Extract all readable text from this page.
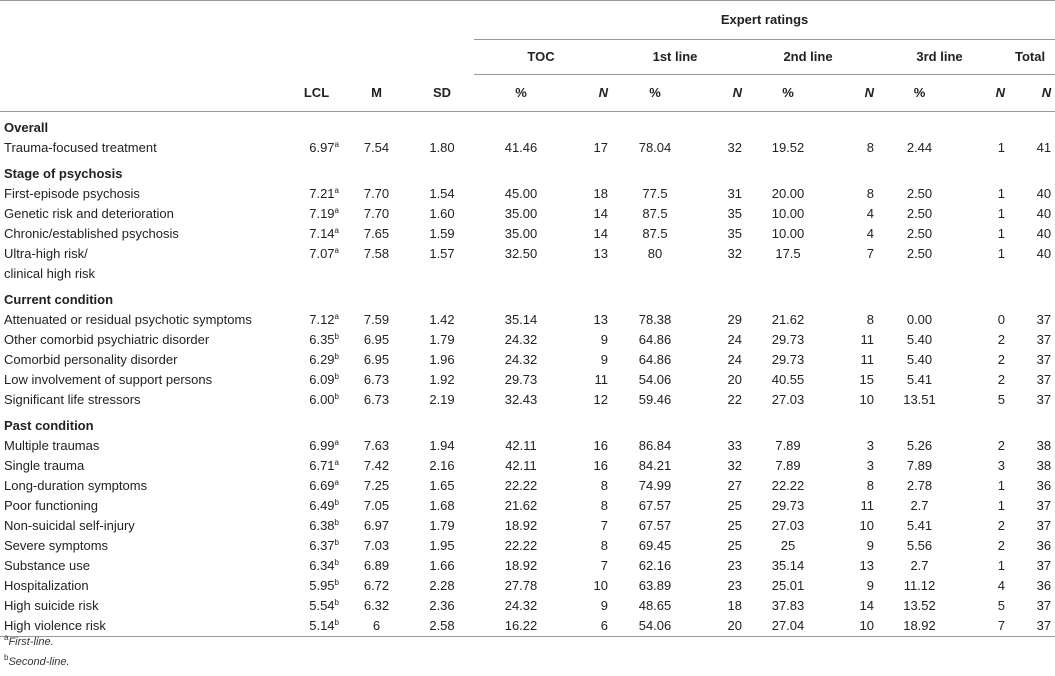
				Expert ratings								
				TOC		1st line		2nd line		3rd line		Total
	LCL	M	SD	%	N	%	N	%	N	%	N	N
Overall												
Trauma-focused treatment	6.97$^a$	7.54	1.80	41.46	17	78.04	32	19.52	8	2.44	1	41
Stage of psychosis												
First-episode psychosis	7.21$^a$	7.70	1.54	45.00	18	77.5	31	20.00	8	2.50	1	40
Genetic risk and deterioration	7.19$^a$	7.70	1.60	35.00	14	87.5	35	10.00	4	2.50	1	40
Chronic/established psychosis	7.14$^a$	7.65	1.59	35.00	14	87.5	35	10.00	4	2.50	1	40
Ultra-high risk/
clinical high risk	7.07$^a$	7.58	1.57	32.50	13	80	32	17.5	7	2.50	1	40
Current condition												
Attenuated or residual psychotic symptoms	7.12$^a$	7.59	1.42	35.14	13	78.38	29	21.62	8	0.00	0	37
Other comorbid psychiatric disorder	6.35$^b$	6.95	1.79	24.32	9	64.86	24	29.73	11	5.40	2	37
Comorbid personality disorder	6.29$^b$	6.95	1.96	24.32	9	64.86	24	29.73	11	5.40	2	37
Low involvement of support persons	6.09$^b$	6.73	1.92	29.73	11	54.06	20	40.55	15	5.41	2	37
Significant life stressors	6.00$^b$	6.73	2.19	32.43	12	59.46	22	27.03	10	13.51	5	37
Past condition												
Multiple traumas	6.99$^a$	7.63	1.94	42.11	16	86.84	33	7.89	3	5.26	2	38
Single trauma	6.71$^a$	7.42	2.16	42.11	16	84.21	32	7.89	3	7.89	3	38
Long-duration symptoms	6.69$^a$	7.25	1.65	22.22	8	74.99	27	22.22	8	2.78	1	36
Poor functioning	6.49$^b$	7.05	1.68	21.62	8	67.57	25	29.73	11	2.7	1	37
Non-suicidal self-injury	6.38$^b$	6.97	1.79	18.92	7	67.57	25	27.03	10	5.41	2	37
Severe symptoms	6.37$^b$	7.03	1.95	22.22	8	69.45	25	25	9	5.56	2	36
Substance use	6.34$^b$	6.89	1.66	18.92	7	62.16	23	35.14	13	2.7	1	37
Hospitalization	5.95$^b$	6.72	2.28	27.78	10	63.89	23	25.01	9	11.12	4	36
High suicide risk	5.54$^b$	6.32	2.36	24.32	9	48.65	18	37.83	14	13.52	5	37
High violence risk	5.14$^b$	6	2.58	16.22	6	54.06	20	27.04	10	18.92	7	37
$^a$First-line.
$^b$Second-line.
